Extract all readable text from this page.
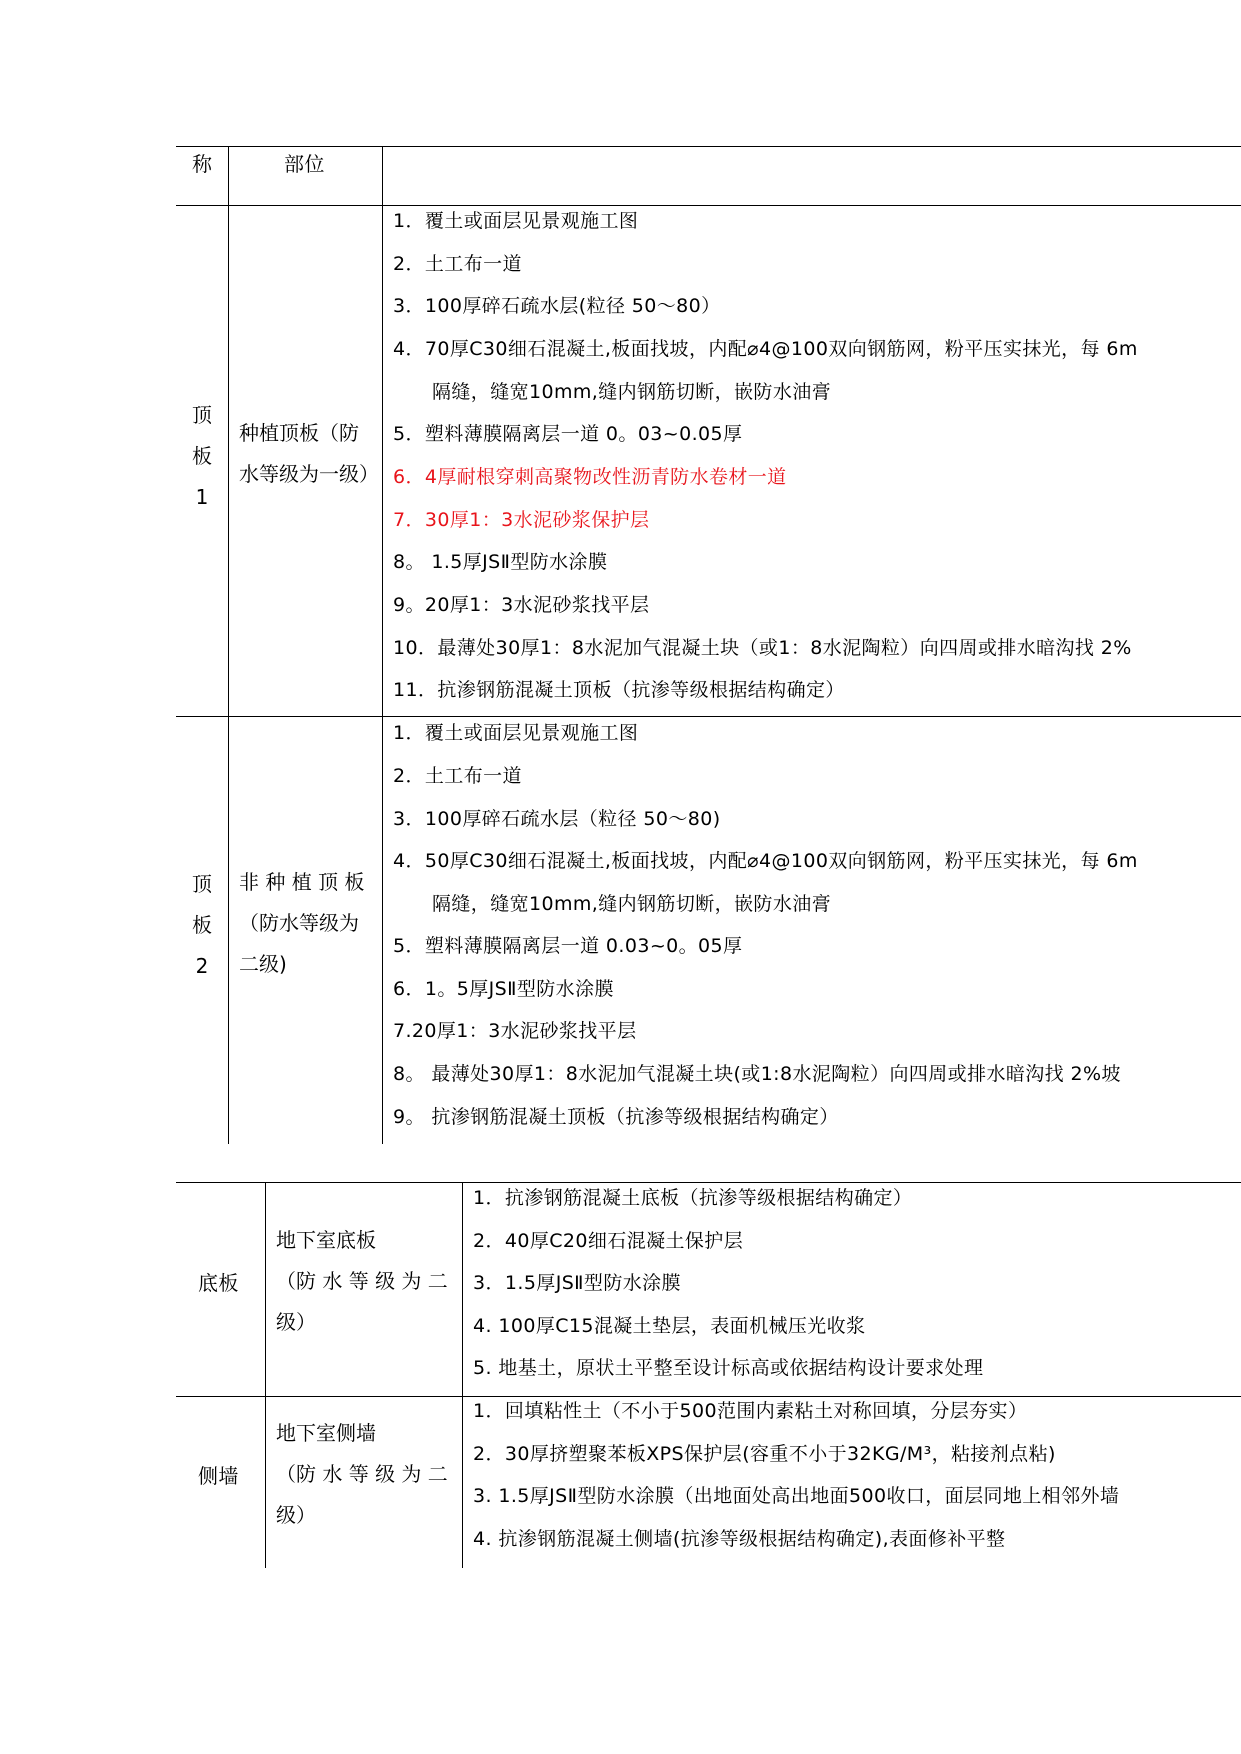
称	部位
顶
板
1
种植顶板（防
水等级为一级）
1．覆土或面层见景观施工图
2．土工布一道
3．100厚碎石疏水层(粒径 50～80）
4．70厚C30细石混凝土,板面找坡，内配⌀4@100双向钢筋网，粉平压实抹光，每 6m
隔缝，缝宽10mm,缝内钢筋切断，嵌防水油膏
5．塑料薄膜隔离层一道 0。03~0.05厚
6．4厚耐根穿刺高聚物改性沥青防水卷材一道
7．30厚1：3水泥砂浆保护层
8。 1.5厚JSⅡ型防水涂膜
9。20厚1：3水泥砂浆找平层
10．最薄处30厚1：8水泥加气混凝土块（或1：8水泥陶粒）向四周或排水暗沟找 2%
11．抗渗钢筋混凝土顶板（抗渗等级根据结构确定）
顶
板
2
非 种 植 顶 板
（防水等级为
二级)
1．覆土或面层见景观施工图
2．土工布一道
3．100厚碎石疏水层（粒径 50～80)
4．50厚C30细石混凝土,板面找坡，内配⌀4@100双向钢筋网，粉平压实抹光，每 6m
隔缝，缝宽10mm,缝内钢筋切断，嵌防水油膏
5．塑料薄膜隔离层一道 0.03~0。05厚
6．1。5厚JSⅡ型防水涂膜
7.20厚1：3水泥砂浆找平层
8。 最薄处30厚1：8水泥加气混凝土块(或1:8水泥陶粒）向四周或排水暗沟找 2%坡
9。 抗渗钢筋混凝土顶板（抗渗等级根据结构确定）
底板
地下室底板
（防 水 等 级 为 二
级）
1．抗渗钢筋混凝土底板（抗渗等级根据结构确定）
2．40厚C20细石混凝土保护层
3．1.5厚JSⅡ型防水涂膜
4. 100厚C15混凝土垫层，表面机械压光收浆
5. 地基土，原状土平整至设计标高或依据结构设计要求处理
侧墙
地下室侧墙
（防 水 等 级 为 二
级）
1．回填粘性土（不小于500范围内素粘土对称回填，分层夯实）
2．30厚挤塑聚苯板XPS保护层(容重不小于32KG/M³，粘接剂点粘)
3. 1.5厚JSⅡ型防水涂膜（出地面处高出地面500收口，面层同地上相邻外墙
4. 抗渗钢筋混凝土侧墙(抗渗等级根据结构确定),表面修补平整
